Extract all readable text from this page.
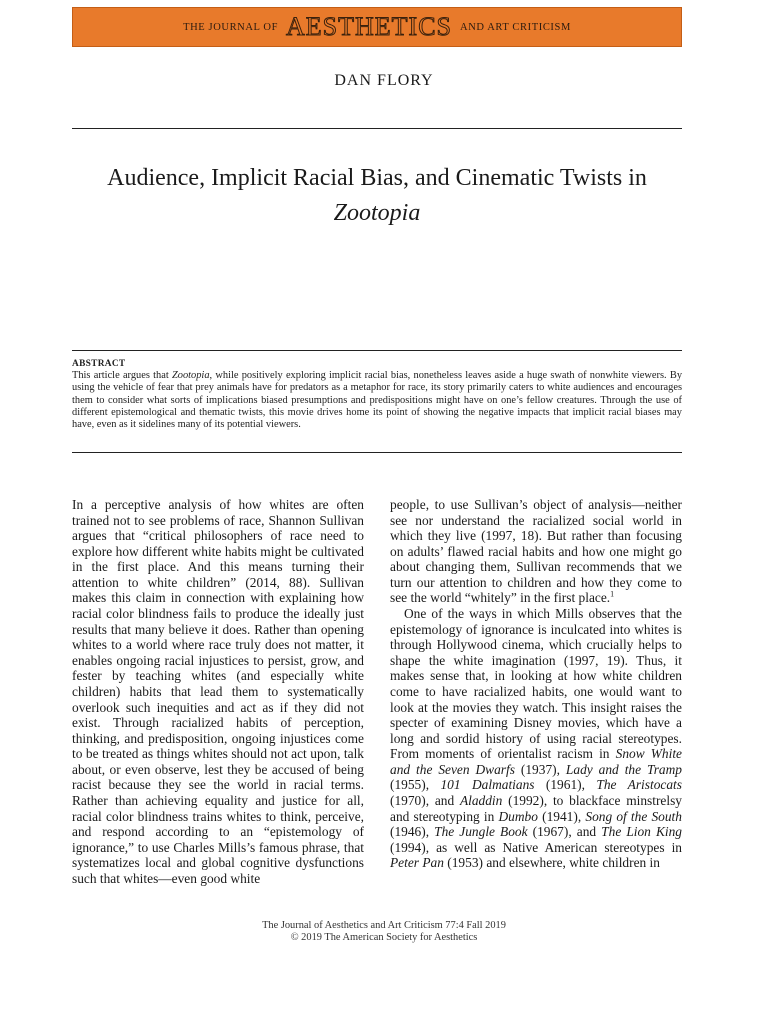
THE JOURNAL OF AESTHETICS AND ART CRITICISM
DAN FLORY
Audience, Implicit Racial Bias, and Cinematic Twists in
Zootopia
ABSTRACT
This article argues that Zootopia, while positively exploring implicit racial bias, nonetheless leaves aside a huge swath of nonwhite viewers. By using the vehicle of fear that prey animals have for predators as a metaphor for race, its story primarily caters to white audiences and encourages them to consider what sorts of implications biased presumptions and predispositions might have on one’s fellow creatures. Through the use of different epistemological and thematic twists, this movie drives home its point of showing the negative impacts that implicit racial biases may have, even as it sidelines many of its potential viewers.

In a perceptive analysis of how whites are often trained not to see problems of race, Shannon Sullivan argues that “critical philosophers of race need to explore how different white habits might be cultivated in the first place. And this means turning their attention to white children” (2014, 88). Sullivan makes this claim in connection with explaining how racial color blindness fails to produce the ideally just results that many believe it does. Rather than opening whites to a world where race truly does not matter, it enables ongoing racial injustices to persist, grow, and fester by teaching whites (and especially white children) habits that lead them to systematically overlook such inequities and act as if they did not exist. Through racialized habits of perception, thinking, and predisposition, ongoing injustices come to be treated as things whites should not act upon, talk about, or even observe, lest they be accused of being racist because they see the world in racial terms. Rather than achieving equality and justice for all, racial color blindness trains whites to think, perceive, and respond according to an “epistemology of ignorance,” to use Charles Mills’s famous phrase, that systematizes local and global cognitive dysfunctions such that whites—even good white

people, to use Sullivan’s object of analysis—neither see nor understand the racialized social world in which they live (1997, 18). But rather than focusing on adults’ flawed racial habits and how one might go about changing them, Sullivan recommends that we turn our attention to children and how they come to see the world “whitely” in the first place.$^1$

One of the ways in which Mills observes that the epistemology of ignorance is inculcated into whites is through Hollywood cinema, which crucially helps to shape the white imagination (1997, 19). Thus, it makes sense that, in looking at how white children come to have racialized habits, one would want to look at the movies they watch. This insight raises the specter of examining Disney movies, which have a long and sordid history of using racial stereotypes. From moments of orientalist racism in Snow White and the Seven Dwarfs (1937), Lady and the Tramp (1955), 101 Dalmatians (1961), The Aristocats (1970), and Aladdin (1992), to blackface minstrelsy and stereotyping in Dumbo (1941), Song of the South (1946), The Jungle Book (1967), and The Lion King (1994), as well as Native American stereotypes in Peter Pan (1953) and elsewhere, white children in

The Journal of Aesthetics and Art Criticism 77:4 Fall 2019
© 2019 The American Society for Aesthetics
